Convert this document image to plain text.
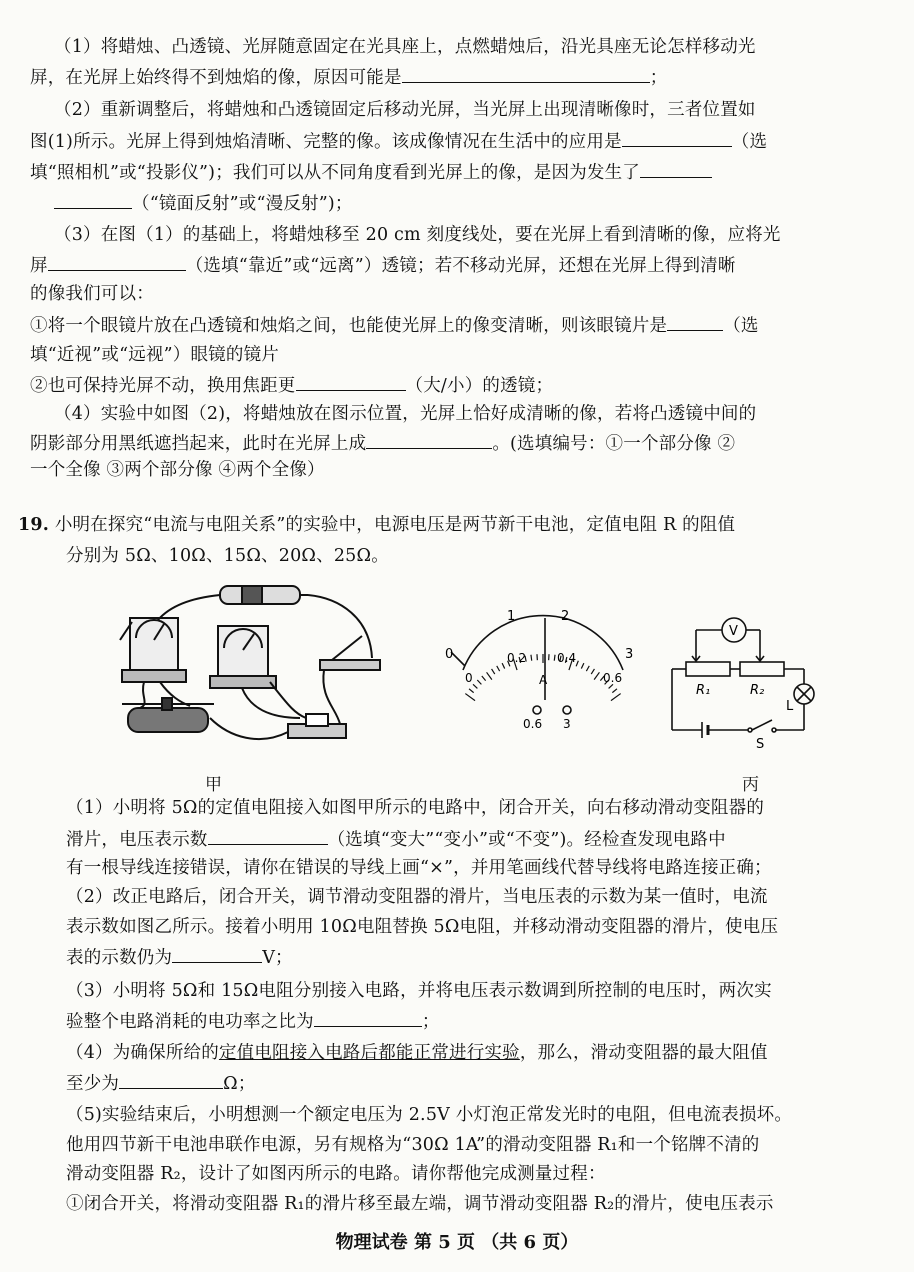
（1）将蜡烛、凸透镜、光屏随意固定在光具座上，点燃蜡烛后，沿光具座无论怎样移动光
屏，在光屏上始终得不到烛焰的像，原因可能是	；
（2）重新调整后，将蜡烛和凸透镜固定后移动光屏，当光屏上出现清晰像时，三者位置如
图(1)所示。光屏上得到烛焰清晰、完整的像。该成像情况在生活中的应用是	（选
填“照相机”或“投影仪”)；我们可以从不同角度看到光屏上的像，是因为发生了
（“镜面反射”或“漫反射”)；
（3）在图（1）的基础上，将蜡烛移至 20 cm 刻度线处，要在光屏上看到清晰的像，应将光
屏	（选填“靠近”或“远离”）透镜；若不移动光屏，还想在光屏上得到清晰
的像我们可以：
①将一个眼镜片放在凸透镜和烛焰之间，也能使光屏上的像变清晰，则该眼镜片是	（选
填“近视”或“远视”）眼镜的镜片
②也可保持光屏不动，换用焦距更	（大/小）的透镜；
（4）实验中如图（2)，将蜡烛放在图示位置，光屏上恰好成清晰的像，若将凸透镜中间的
阴影部分用黑纸遮挡起来，此时在光屏上成	。(选填编号：①一个部分像 ②
一个全像 ③两个部分像 ④两个全像）
19. 小明在探究“电流与电阻关系”的实验中，电源电压是两节新干电池，定值电阻 R 的阻值
分别为 5Ω、10Ω、15Ω、20Ω、25Ω。
甲
0
1	2
3
0
0.2	0.4
0.6
A
0.6 3
V
R₁	R₂
L
S
丙
（1）小明将 5Ω的定值电阻接入如图甲所示的电路中，闭合开关，向右移动滑动变阻器的
滑片，电压表示数	（选填“变大”“变小”或“不变”)。经检查发现电路中
有一根导线连接错误，请你在错误的导线上画“×”，并用笔画线代替导线将电路连接正确；
（2）改正电路后，闭合开关，调节滑动变阻器的滑片，当电压表的示数为某一值时，电流
表示数如图乙所示。接着小明用 10Ω电阻替换 5Ω电阻，并移动滑动变阻器的滑片，使电压
表的示数仍为	V；
（3）小明将 5Ω和 15Ω电阻分别接入电路，并将电压表示数调到所控制的电压时，两次实
验整个电路消耗的电功率之比为	；
（4）为确保所给的定值电阻接入电路后都能正常进行实验，那么，滑动变阻器的最大阻值
至少为	Ω；
（5)实验结束后，小明想测一个额定电压为 2.5V 小灯泡正常发光时的电阻，但电流表损坏。
他用四节新干电池串联作电源，另有规格为“30Ω 1A”的滑动变阻器 R₁和一个铭牌不清的
滑动变阻器 R₂，设计了如图丙所示的电路。请你帮他完成测量过程：
①闭合开关，将滑动变阻器 R₁的滑片移至最左端，调节滑动变阻器 R₂的滑片，使电压表示
物理试卷 第 5 页 （共 6 页）
